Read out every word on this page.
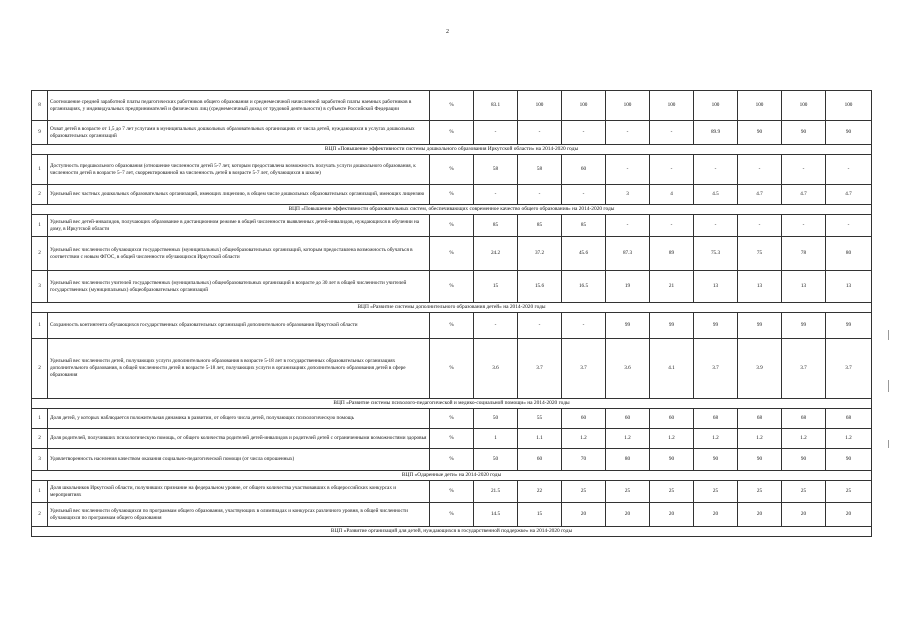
2
8	Соотношение средней заработной платы педагогических работников общего образования и среднемесячной начисленной заработной платы наемных работников в организациях, у индивидуальных предпринимателей и физических лиц (среднемесячный доход от трудовой деятельности) в субъекте Российской Федерации	%	83.1	100	100	100	100	100	100	100	100
9	Охват детей в возрасте от 1,5 до 7 лет услугами в муниципальных дошкольных образовательных организациях от числа детей, нуждающихся в услугах дошкольных образовательных организаций	%	-	-	-	-	-	89.9	90	90	90
ВЦП «Повышение эффективности системы дошкольного образования Иркутской области» на 2014-2020 годы											
1	Доступность предшкольного образования (отношение численности детей 5-7 лет, которым предоставлена возможность получать услуги дошкольного образования, к численности детей в возрасте 5–7 лет, скорректированной на численность детей в возрасте 5-7 лет, обучающихся в школе)	%	58	58	60	-	-	-	-	-	-
2	Удельный вес частных дошкольных образовательных организаций, имеющих лицензию, в общем числе дошкольных образовательных организаций, имеющих лицензию	%	-	-	-	3	4	4.5	4.7	4.7	4.7
ВЦП «Повышение эффективности образовательных систем, обеспечивающих современное качество общего образования» на 2014-2020 годы											
1	Удельный вес детей-инвалидов, получающих образование в дистанционном режиме в общей численности выявленных детей-инвалидов, нуждающихся в обучении на дому, в Иркутской области	%	85	85	85	-	-	-	-	-	-
2	Удельный вес численности обучающихся государственных (муниципальных) общеобразовательных организаций, которым предоставлена возможность обучаться в соответствии с новым ФГОС, в общей численности обучающихся Иркутской области	%	24.2	37.2	45.6	87.3	89	75.3	75	78	80
3	Удельный вес численности учителей государственных (муниципальных) общеобразовательных организаций в возрасте до 30 лет в общей численности учителей государственных (муниципальных) общеобразовательных организаций	%	15	15.6	16.5	19	21	13	13	13	13
ВЦП «Развитие системы дополнительного образования детей» на 2014-2020 годы											
1	Сохранность контингента обучающихся государственных образовательных организаций дополнительного образования Иркутской области	%	-	-	-	99	99	99	99	99	99
2	Удельный вес численности детей, получающих услуги дополнительного образования в возрасте 5-18 лет в государственных образовательных организациях дополнительного образования, в общей численности детей в возрасте 5-18 лет, получающих услуги в организациях дополнительного образования детей в сфере образования	%	3.6	3.7	3.7	3.6	4.1	3.7	3.9	3.7	3.7
ВЦП «Развитие системы психолого-педагогической и медико-социальной помощи» на 2014-2020 годы											
1	Доля детей, у которых наблюдается положительная динамика в развитии, от общего числа детей, получающих психологическую помощь	%	50	55	60	60	60	68	68	68	68
2	Доля родителей, получивших психологическую помощь, от общего количества родителей детей-инвалидов и родителей детей с ограниченными возможностями здоровья	%	1	1.1	1.2	1.2	1.2	1.2	1.2	1.2	1.2
3	Удовлетворенность населения качеством оказания социально-педагогической помощи (от числа опрошенных)	%	50	60	70	80	90	90	90	90	90
ВЦП «Одаренные дети» на 2014-2020 годы											
1	Доля школьников Иркутской области, получивших признание на федеральном уровне, от общего количества участвовавших в общероссийских конкурсах и мероприятиях	%	21.5	22	25	25	25	25	25	25	25
2	Удельный вес численности обучающихся по программам общего образования, участвующих в олимпиадах и конкурсах различного уровня, в общей численности обучающихся по программам общего образования	%	14.5	15	20	20	20	20	20	20	20
ВЦП «Развитие организаций для детей, нуждающихся в государственной поддержке» на 2014-2020 годы											
